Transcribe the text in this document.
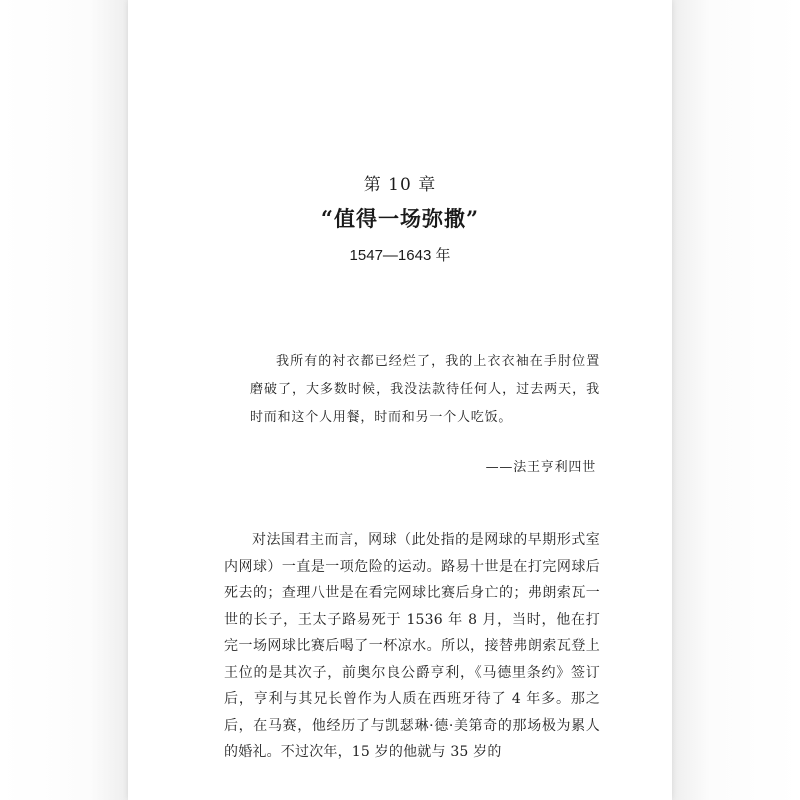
第 10 章
“值得一场弥撒”
1547—1643 年
我所有的衬衣都已经烂了，我的上衣衣袖在手肘位置磨破了，大多数时候，我没法款待任何人，过去两天，我时而和这个人用餐，时而和另一个人吃饭。
——法王亨利四世
对法国君主而言，网球（此处指的是网球的早期形式室内网球）一直是一项危险的运动。路易十世是在打完网球后死去的；查理八世是在看完网球比赛后身亡的；弗朗索瓦一世的长子，王太子路易死于 1536 年 8 月，当时，他在打完一场网球比赛后喝了一杯凉水。所以，接替弗朗索瓦登上王位的是其次子，前奥尔良公爵亨利，《马德里条约》签订后，亨利与其兄长曾作为人质在西班牙待了 4 年多。那之后，在马赛，他经历了与凯瑟琳·德·美第奇的那场极为累人的婚礼。不过次年，15 岁的他就与 35 岁的
